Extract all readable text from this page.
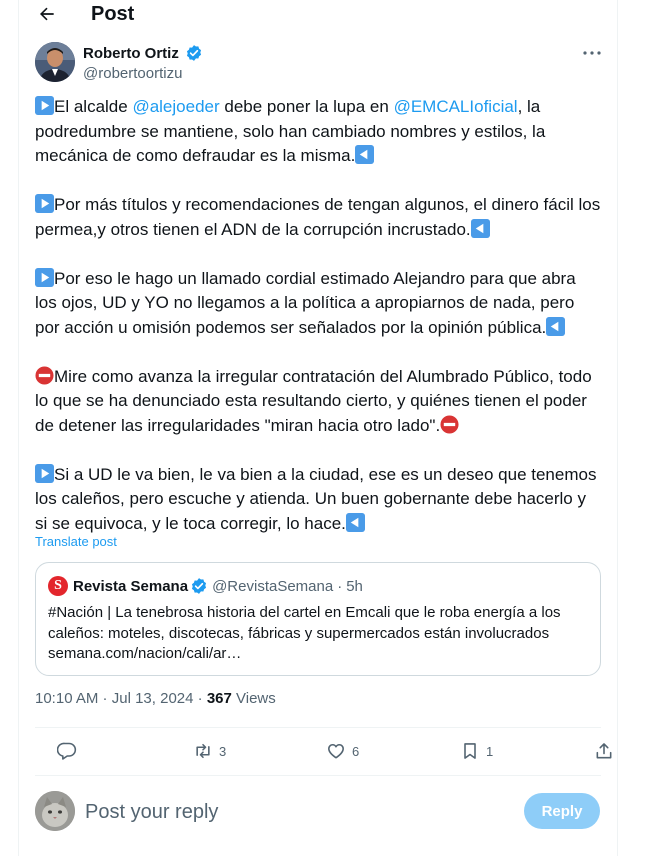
Post
Roberto Ortiz
@robertoortizu
El alcalde @alejoeder debe poner la lupa en @EMCALIoficial, la podredumbre se mantiene, solo han cambiado nombres y estilos, la mecánica de como defraudar es la misma.
Por más títulos y recomendaciones de tengan algunos, el dinero fácil los permea,y otros tienen el ADN de la corrupción incrustado.
Por eso le hago un llamado cordial estimado Alejandro para que abra los ojos, UD y YO no llegamos a la política a apropiarnos de nada, pero por acción u omisión podemos ser señalados por la opinión pública.
Mire como avanza la irregular contratación del Alumbrado Público, todo lo que se ha denunciado esta resultando cierto, y quiénes tienen el poder de detener las irregularidades "miran hacia otro lado".
Si a UD le va bien, le va bien a la ciudad, ese es un deseo que tenemos los caleños, pero escuche y atienda. Un buen gobernante debe hacerlo y si se equivoca, y le toca corregir, lo hace.
Translate post
S Revista Semana @RevistaSemana · 5h
#Nación | La tenebrosa historia del cartel en Emcali que le roba energía a los caleños: moteles, discotecas, fábricas y supermercados están involucrados
semana.com/nacion/cali/ar…
10:10 AM · Jul 13, 2024 · 367 Views
3	6	1
Post your reply
Reply
